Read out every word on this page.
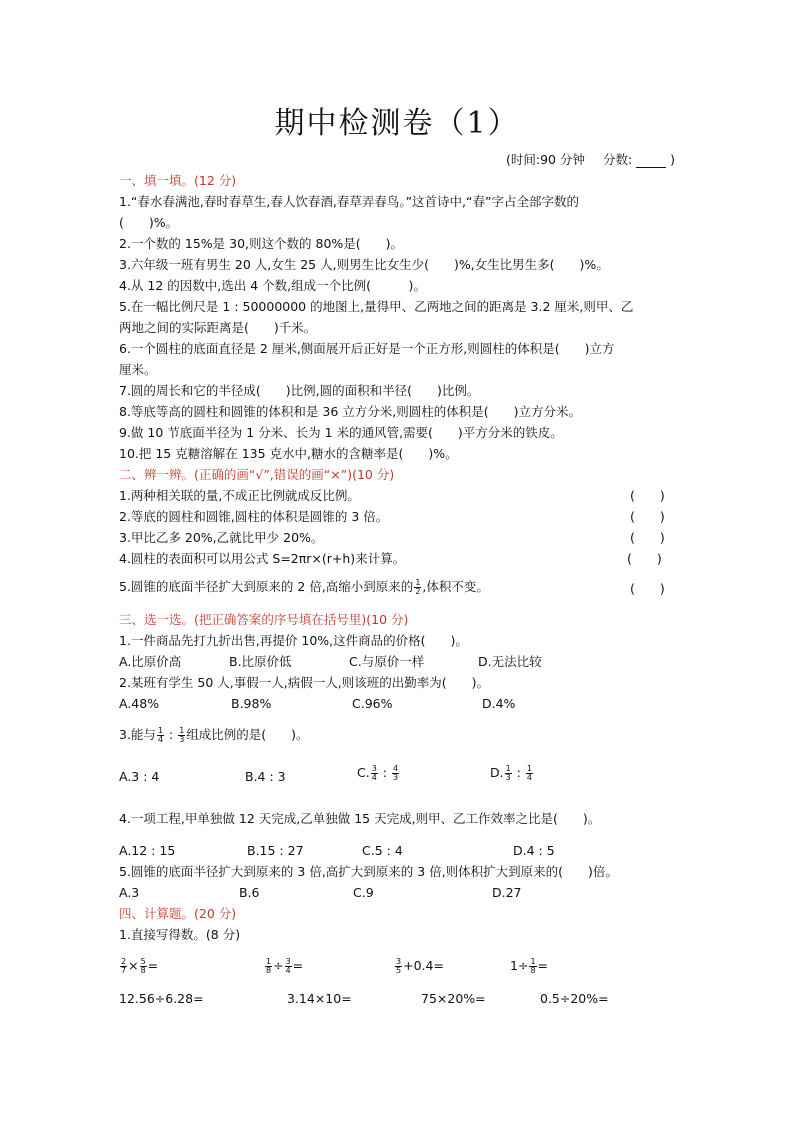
期中检测卷（1）
(时间:90 分钟 分数:	)
一、填一填。(12 分)
1.“春水春满池,春时春草生,春人饮春酒,春草弄春鸟。”这首诗中,“春”字占全部字数的
(　　)%。
2.一个数的 15%是 30,则这个数的 80%是(　　)。
3.六年级一班有男生 20 人,女生 25 人,则男生比女生少(　　)%,女生比男生多(　　)%。
4.从 12 的因数中,选出 4 个数,组成一个比例(　　　)。
5.在一幅比例尺是 1 : 50000000 的地图上,量得甲、乙两地之间的距离是 3.2 厘米,则甲、乙
两地之间的实际距离是(　　)千米。
6.一个圆柱的底面直径是 2 厘米,侧面展开后正好是一个正方形,则圆柱的体积是(　　)立方
厘米。
7.圆的周长和它的半径成(　　)比例,圆的面积和半径(　　)比例。
8.等底等高的圆柱和圆锥的体积和是 36 立方分米,则圆柱的体积是(　　)立方分米。
9.做 10 节底面半径为 1 分米、长为 1 米的通风管,需要(　　)平方分米的铁皮。
10.把 15 克糖溶解在 135 克水中,糖水的含糖率是(　　)%。
二、辨一辨。(正确的画“√”,错误的画“×”)(10 分)
1.两种相关联的量,不成正比例就成反比例。	(　　)
2.等底的圆柱和圆锥,圆柱的体积是圆锥的 3 倍。	(　　)
3.甲比乙多 20%,乙就比甲少 20%。	(　　)
4.圆柱的表面积可以用公式 S=2πr×(r+h)来计算。	(　　)
5.圆锥的底面半径扩大到原来的 2 倍,高缩小到原来的 $\frac{1}{2}$ ,体积不变。	(　　)
三、选一选。(把正确答案的序号填在括号里)(10 分)
1.一件商品先打九折出售,再提价 10%,这件商品的价格(　　)。
A.比原价高	B.比原价低	C.与原价一样	D.无法比较
2.某班有学生 50 人,事假一人,病假一人,则该班的出勤率为(　　)。
A.48%	B.98%	C.96%	D.4%
3.能与 $\frac{1}{4}$ : $\frac{1}{3}$ 组成比例的是(　　)。
A.3 : 4	B.4 : 3	C. $\frac{3}{4}$ : $\frac{4}{3}$	D. $\frac{1}{3}$ : $\frac{1}{4}$
4.一项工程,甲单独做 12 天完成,乙单独做 15 天完成,则甲、乙工作效率之比是(　　)。
A.12 : 15	B.15 : 27	C.5 : 4	D.4 : 5
5.圆锥的底面半径扩大到原来的 3 倍,高扩大到原来的 3 倍,则体积扩大到原来的(　　)倍。
A.3	B.6	C.9	D.27
四、计算题。(20 分)
1.直接写得数。(8 分)
$\frac{2}{7} \times \frac{5}{8}$ =	$\frac{1}{8} \div \frac{3}{4}$ =	$\frac{3}{5} +0.4=$	$1\div \frac{1}{8}$ =
12.56÷6.28=	3.14×10=	75×20%=	0.5÷20%=
